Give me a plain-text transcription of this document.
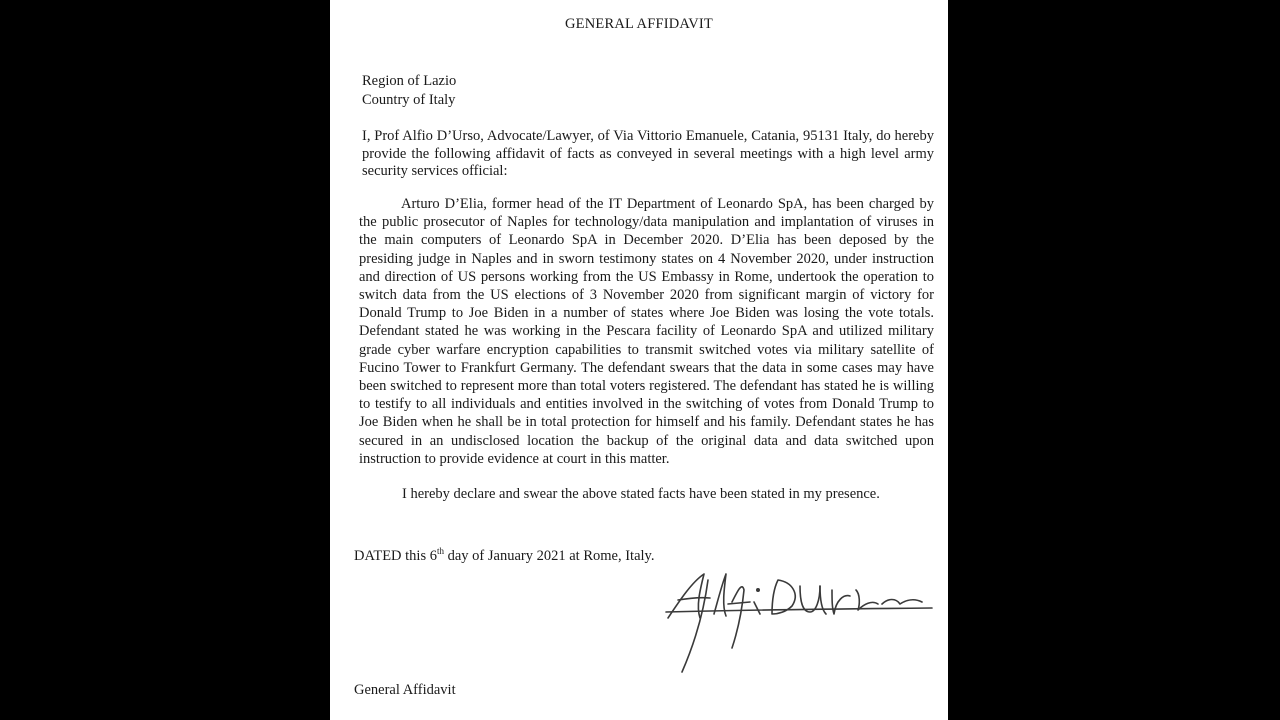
GENERAL AFFIDAVIT
Region of Lazio
Country of Italy
I, Prof Alfio D’Urso, Advocate/Lawyer, of Via Vittorio Emanuele, Catania, 95131 Italy, do hereby provide the following affidavit of facts as conveyed in several meetings with a high level army security services official:
Arturo D’Elia, former head of the IT Department of Leonardo SpA, has been charged by the public prosecutor of Naples for technology/data manipulation and implantation of viruses in the main computers of Leonardo SpA in December 2020. D’Elia has been deposed by the presiding judge in Naples and in sworn testimony states on 4 November 2020, under instruction and direction of US persons working from the US Embassy in Rome, undertook the operation to switch data from the US elections of 3 November 2020 from significant margin of victory for Donald Trump to Joe Biden in a number of states where Joe Biden was losing the vote totals. Defendant stated he was working in the Pescara facility of Leonardo SpA and utilized military grade cyber warfare encryption capabilities to transmit switched votes via military satellite of Fucino Tower to Frankfurt Germany. The defendant swears that the data in some cases may have been switched to represent more than total voters registered. The defendant has stated he is willing to testify to all individuals and entities involved in the switching of votes from Donald Trump to Joe Biden when he shall be in total protection for himself and his family. Defendant states he has secured in an undisclosed location the backup of the original data and data switched upon instruction to provide evidence at court in this matter.
I hereby declare and swear the above stated facts have been stated in my presence.
DATED this 6th day of January 2021 at Rome, Italy.
General Affidavit
